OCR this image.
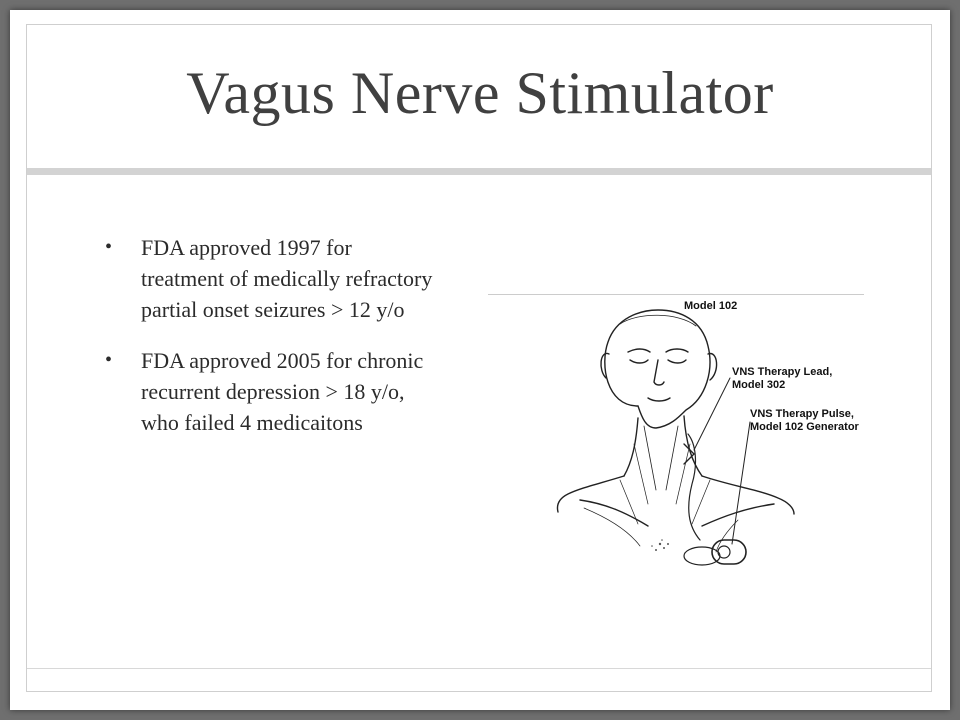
Vagus Nerve Stimulator
• FDA approved 1997 for treatment of medically refractory partial onset seizures > 12 y/o
• FDA approved 2005 for chronic recurrent depression > 18 y/o, who failed 4 medicaitons
Model 102
VNS Therapy Lead, Model 302
VNS Therapy Pulse, Model 102 Generator
